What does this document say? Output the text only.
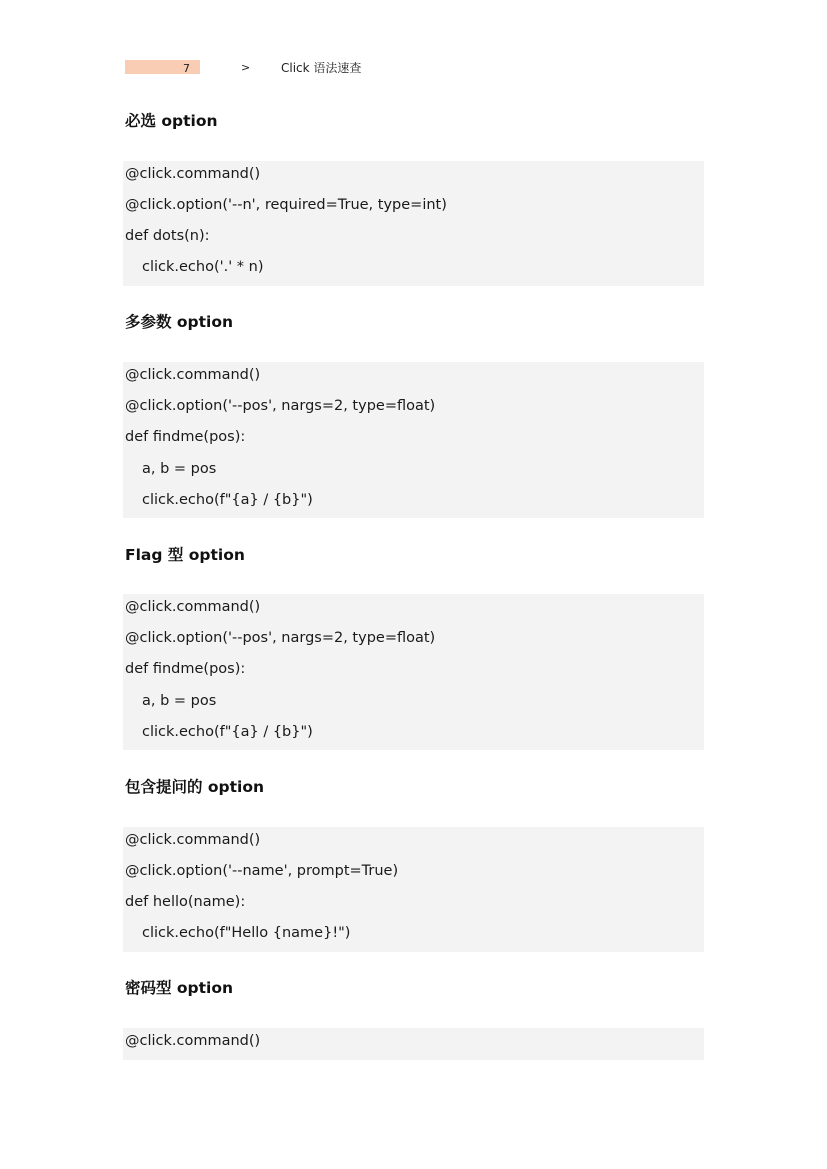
7	>	Click 语法速查
必选 option
@click.command()
@click.option('--n', required=True, type=int)
def dots(n):
click.echo('.' * n)
多参数 option
@click.command()
@click.option('--pos', nargs=2, type=float)
def findme(pos):
a, b = pos
click.echo(f"{a} / {b}")
Flag 型 option
@click.command()
@click.option('--pos', nargs=2, type=float)
def findme(pos):
a, b = pos
click.echo(f"{a} / {b}")
包含提问的 option
@click.command()
@click.option('--name', prompt=True)
def hello(name):
click.echo(f"Hello {name}!")
密码型 option
@click.command()
